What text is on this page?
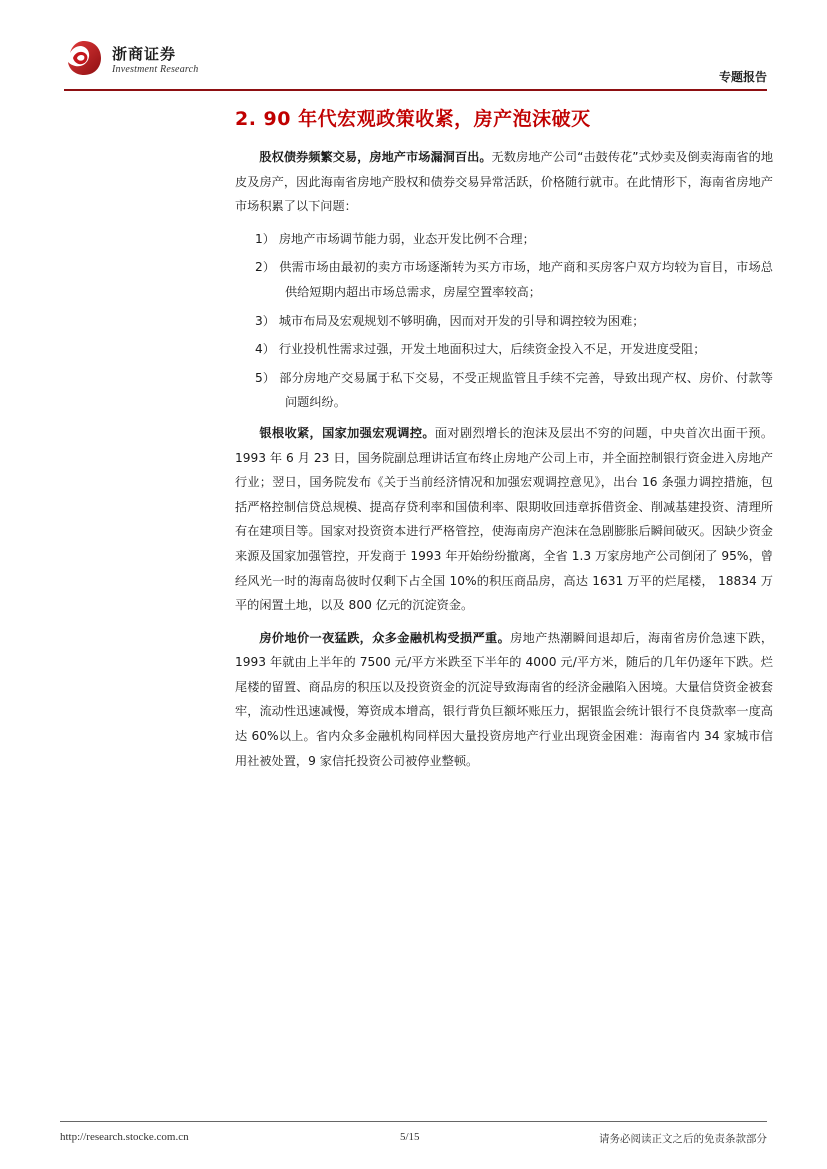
浙商证券
Investment Research
专题报告
2. 90 年代宏观政策收紧，房产泡沫破灭

股权债券频繁交易，房地产市场漏洞百出。无数房地产公司“击鼓传花”式炒卖及倒卖海南省的地皮及房产，因此海南省房地产股权和债券交易异常活跃，价格随行就市。在此情形下，海南省房地产市场积累了以下问题：

1） 房地产市场调节能力弱，业态开发比例不合理；
2） 供需市场由最初的卖方市场逐渐转为买方市场，地产商和买房客户双方均较为盲目，市场总供给短期内超出市场总需求，房屋空置率较高；
3） 城市布局及宏观规划不够明确，因而对开发的引导和调控较为困难；
4） 行业投机性需求过强，开发土地面积过大，后续资金投入不足，开发进度受阻；
5） 部分房地产交易属于私下交易，不受正规监管且手续不完善，导致出现产权、房价、付款等问题纠纷。

银根收紧，国家加强宏观调控。面对剧烈增长的泡沫及层出不穷的问题，中央首次出面干预。1993 年 6 月 23 日，国务院副总理讲话宣布终止房地产公司上市，并全面控制银行资金进入房地产行业；翌日，国务院发布《关于当前经济情况和加强宏观调控意见》，出台 16 条强力调控措施，包括严格控制信贷总规模、提高存贷利率和国债利率、限期收回违章拆借资金、削减基建投资、清理所有在建项目等。国家对投资资本进行严格管控，使海南房产泡沫在急剧膨胀后瞬间破灭。因缺少资金来源及国家加强管控，开发商于 1993 年开始纷纷撤离，全省 1.3 万家房地产公司倒闭了 95%，曾经风光一时的海南岛彼时仅剩下占全国 10%的积压商品房，高达 1631 万平的烂尾楼， 18834 万平的闲置土地，以及 800 亿元的沉淀资金。

房价地价一夜猛跌，众多金融机构受损严重。房地产热潮瞬间退却后，海南省房价急速下跌，1993 年就由上半年的 7500 元/平方米跌至下半年的 4000 元/平方米，随后的几年仍逐年下跌。烂尾楼的留置、商品房的积压以及投资资金的沉淀导致海南省的经济金融陷入困境。大量信贷资金被套牢，流动性迅速减慢，筹资成本增高，银行背负巨额坏账压力，据银监会统计银行不良贷款率一度高达 60%以上。省内众多金融机构同样因大量投资房地产行业出现资金困难：海南省内 34 家城市信用社被处置，9 家信托投资公司被停业整顿。

http://research.stocke.com.cn	5/15	请务必阅读正文之后的免责条款部分
